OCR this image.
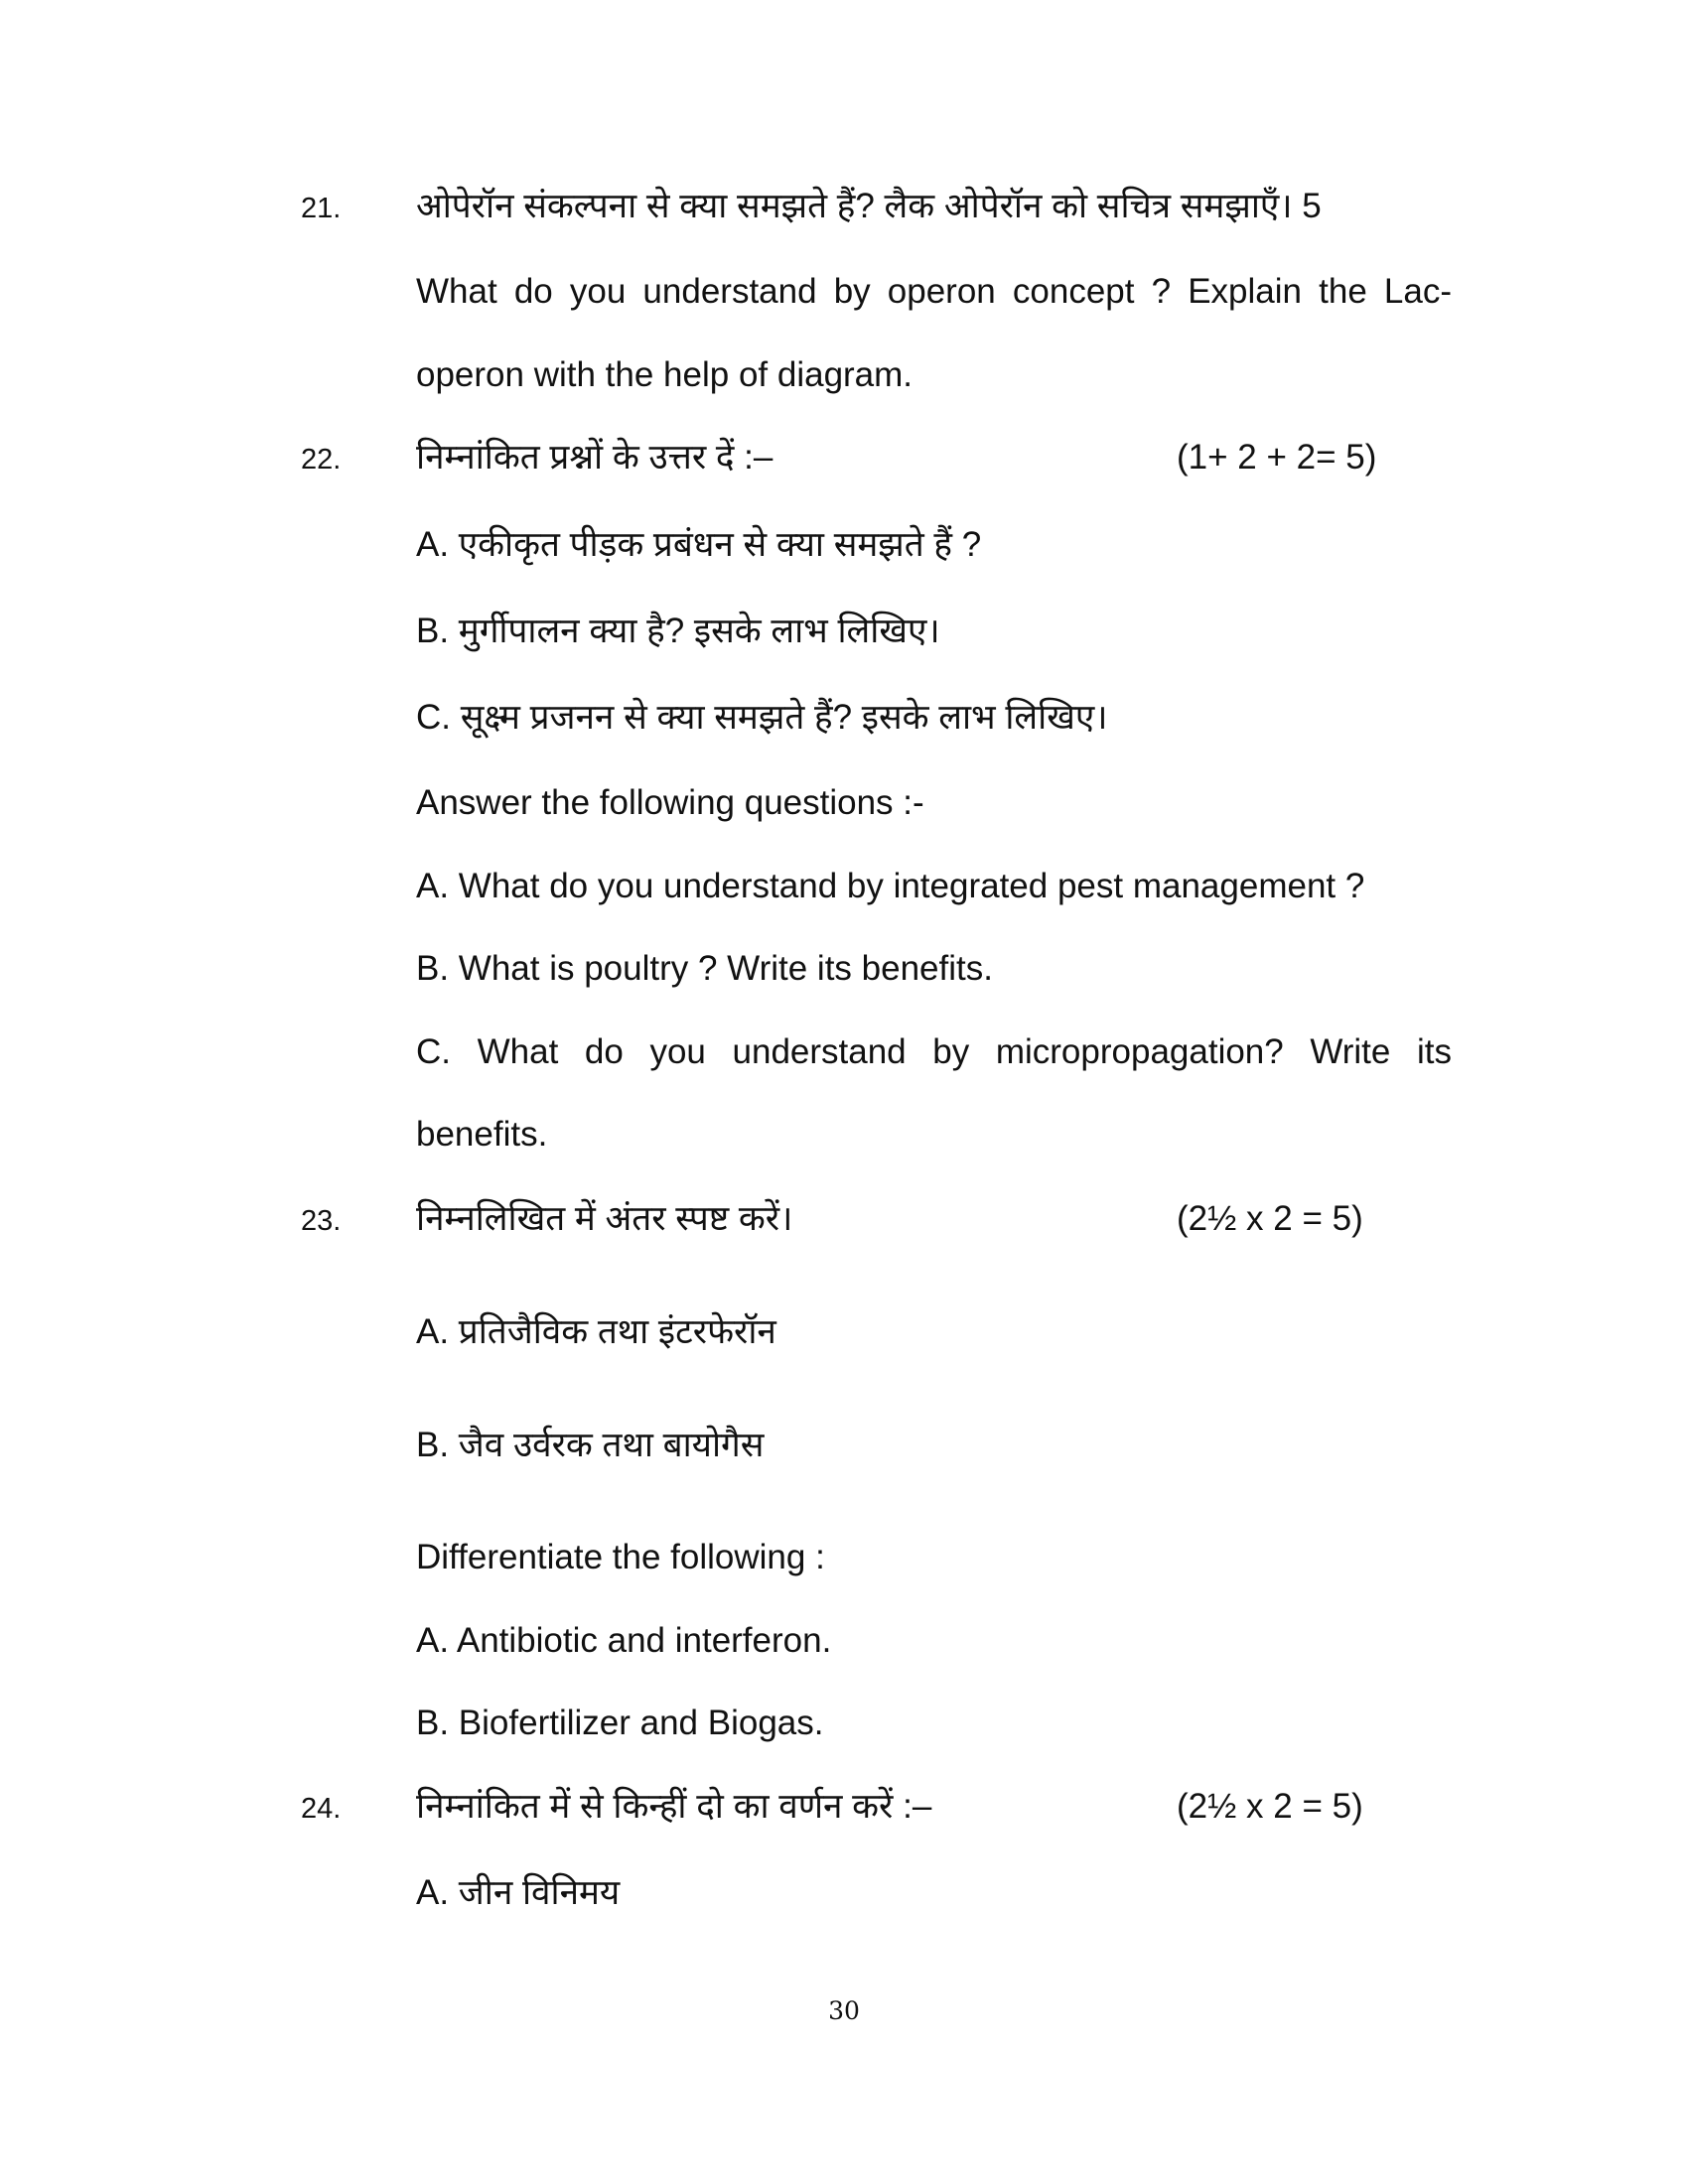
21. ओपेरॉन संकल्पना से क्या समझते हैं? लैक ओपेरॉन को सचित्र समझाएँ। 5
What do you understand by operon concept ? Explain the Lac-
operon with the help of diagram.
22. निम्नांकित प्रश्नों के उत्तर दें :–	(1+ 2 + 2= 5)
A. एकीकृत पीड़क प्रबंधन से क्या समझते हैं ?
B. मुर्गीपालन क्या है? इसके लाभ लिखिए।
C. सूक्ष्म प्रजनन से क्या समझते हैं? इसके लाभ लिखिए।
Answer the following questions :-
A. What do you understand by integrated pest management ?
B. What is poultry ? Write its benefits.
C. What do you understand by micropropagation? Write its
benefits.
23. निम्नलिखित में अंतर स्पष्ट करें।	(2½ x 2 = 5)
A. प्रतिजैविक तथा इंटरफेरॉन
B. जैव उर्वरक तथा बायोगैस
Differentiate the following :
A. Antibiotic and interferon.
B. Biofertilizer and Biogas.
24. निम्नांकित में से किन्हीं दो का वर्णन करें :–	(2½ x 2 = 5)
A. जीन विनिमय
30
